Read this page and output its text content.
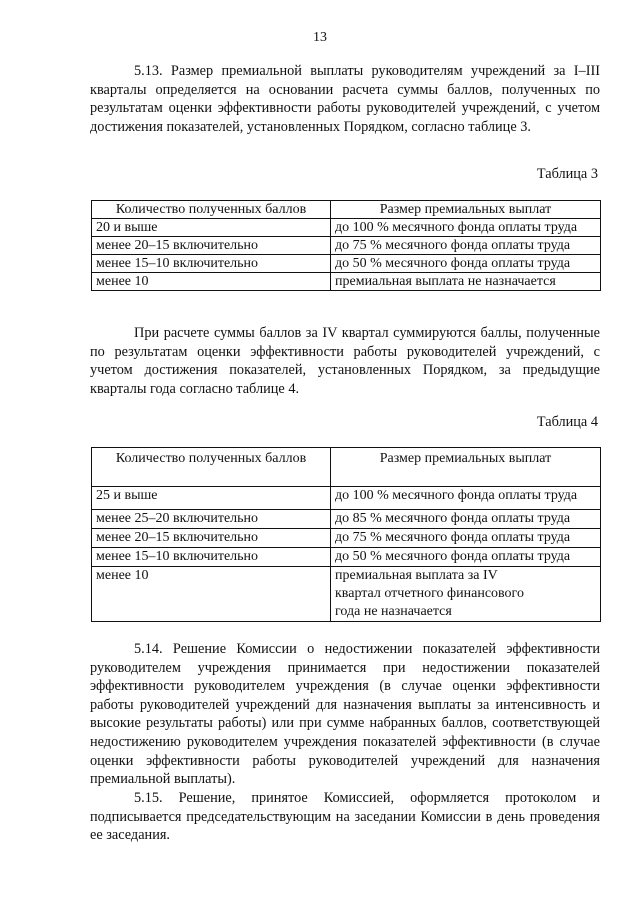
13

5.13. Размер премиальной выплаты руководителям учреждений за I–III кварталы определяется на основании расчета суммы баллов, полученных по результатам оценки эффективности работы руководителей учреждений, с учетом достижения показателей, установленных Порядком, согласно таблице 3.

Таблица 3
Количество полученных баллов	Размер премиальных выплат
20 и выше	до 100 % месячного фонда оплаты труда
менее 20–15 включительно	до 75 % месячного фонда оплаты труда
менее 15–10 включительно	до 50 % месячного фонда оплаты труда
менее 10	премиальная выплата не назначается

При расчете суммы баллов за IV квартал суммируются баллы, полученные по результатам оценки эффективности работы руководителей учреждений, с учетом достижения показателей, установленных Порядком, за предыдущие кварталы года согласно таблице 4.

Таблица 4
Количество полученных баллов	Размер премиальных выплат
25 и выше	до 100 % месячного фонда оплаты труда
менее 25–20 включительно	до 85 % месячного фонда оплаты труда
менее 20–15 включительно	до 75 % месячного фонда оплаты труда
менее 15–10 включительно	до 50 % месячного фонда оплаты труда
менее 10	премиальная выплата за IV квартал отчетного финансового года не назначается

5.14. Решение Комиссии о недостижении показателей эффективности руководителем учреждения принимается при недостижении показателей эффективности руководителем учреждения (в случае оценки эффективности работы руководителей учреждений для назначения выплаты за интенсивность и высокие результаты работы) или при сумме набранных баллов, соответствующей недостижению руководителем учреждения показателей эффективности (в случае оценки эффективности работы руководителей учреждений для назначения премиальной выплаты).

5.15. Решение, принятое Комиссией, оформляется протоколом и подписывается председательствующим на заседании Комиссии в день проведения ее заседания.
